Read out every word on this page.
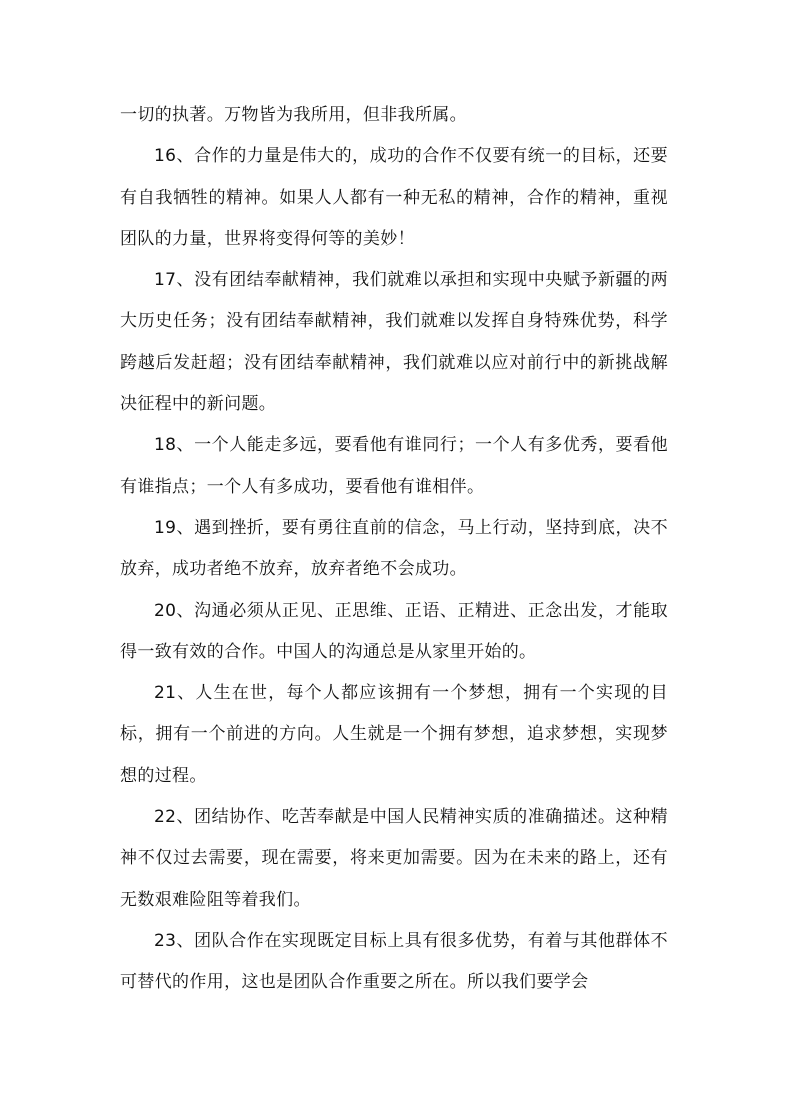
一切的执著。万物皆为我所用，但非我所属。

16、合作的力量是伟大的，成功的合作不仅要有统一的目标，还要有自我牺牲的精神。如果人人都有一种无私的精神，合作的精神，重视团队的力量，世界将变得何等的美妙！

17、没有团结奉献精神，我们就难以承担和实现中央赋予新疆的两大历史任务；没有团结奉献精神，我们就难以发挥自身特殊优势，科学跨越后发赶超；没有团结奉献精神，我们就难以应对前行中的新挑战解决征程中的新问题。

18、一个人能走多远，要看他有谁同行；一个人有多优秀，要看他有谁指点；一个人有多成功，要看他有谁相伴。

19、遇到挫折，要有勇往直前的信念，马上行动，坚持到底，决不放弃，成功者绝不放弃，放弃者绝不会成功。

20、沟通必须从正见、正思维、正语、正精进、正念出发，才能取得一致有效的合作。中国人的沟通总是从家里开始的。

21、人生在世，每个人都应该拥有一个梦想，拥有一个实现的目标，拥有一个前进的方向。人生就是一个拥有梦想，追求梦想，实现梦想的过程。

22、团结协作、吃苦奉献是中国人民精神实质的准确描述。这种精神不仅过去需要，现在需要，将来更加需要。因为在未来的路上，还有无数艰难险阻等着我们。

23、团队合作在实现既定目标上具有很多优势，有着与其他群体不可替代的作用，这也是团队合作重要之所在。所以我们要学会
